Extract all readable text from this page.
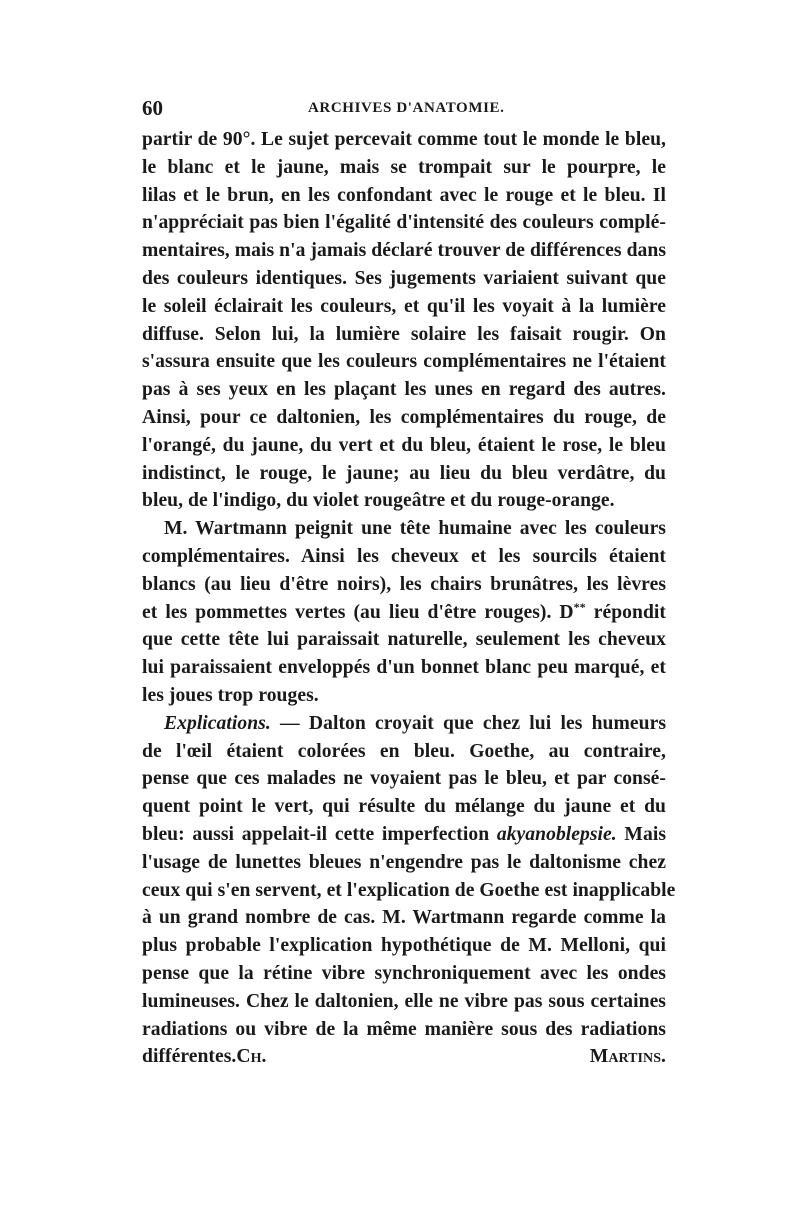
60	ARCHIVES D'ANATOMIE.
partir de 90°. Le sujet percevait comme tout le monde le bleu,
le blanc et le jaune, mais se trompait sur le pourpre, le
lilas et le brun, en les confondant avec le rouge et le bleu. Il
n'appréciait pas bien l'égalité d'intensité des couleurs complé-
mentaires, mais n'a jamais déclaré trouver de différences dans
des couleurs identiques. Ses jugements variaient suivant que
le soleil éclairait les couleurs, et qu'il les voyait à la lumière
diffuse. Selon lui, la lumière solaire les faisait rougir. On
s'assura ensuite que les couleurs complémentaires ne l'étaient
pas à ses yeux en les plaçant les unes en regard des autres.
Ainsi, pour ce daltonien, les complémentaires du rouge, de
l'orangé, du jaune, du vert et du bleu, étaient le rose, le bleu
indistinct, le rouge, le jaune; au lieu du bleu verdâtre, du
bleu, de l'indigo, du violet rougeâtre et du rouge-orange.
M. Wartmann peignit une tête humaine avec les couleurs
complémentaires. Ainsi les cheveux et les sourcils étaient
blancs (au lieu d'être noirs), les chairs brunâtres, les lèvres
et les pommettes vertes (au lieu d'être rouges). D** répondit
que cette tête lui paraissait naturelle, seulement les cheveux
lui paraissaient enveloppés d'un bonnet blanc peu marqué, et
les joues trop rouges.
Explications. — Dalton croyait que chez lui les humeurs
de l'œil étaient colorées en bleu. Goethe, au contraire,
pense que ces malades ne voyaient pas le bleu, et par consé-
quent point le vert, qui résulte du mélange du jaune et du
bleu: aussi appelait-il cette imperfection akyanoblepsie. Mais
l'usage de lunettes bleues n'engendre pas le daltonisme chez
ceux qui s'en servent, et l'explication de Goethe est inapplicable
à un grand nombre de cas. M. Wartmann regarde comme la
plus probable l'explication hypothétique de M. Melloni, qui
pense que la rétine vibre synchroniquement avec les ondes
lumineuses. Chez le daltonien, elle ne vibre pas sous certaines
radiations ou vibre de la même manière sous des radiations
différentes.Ch. Martins.
